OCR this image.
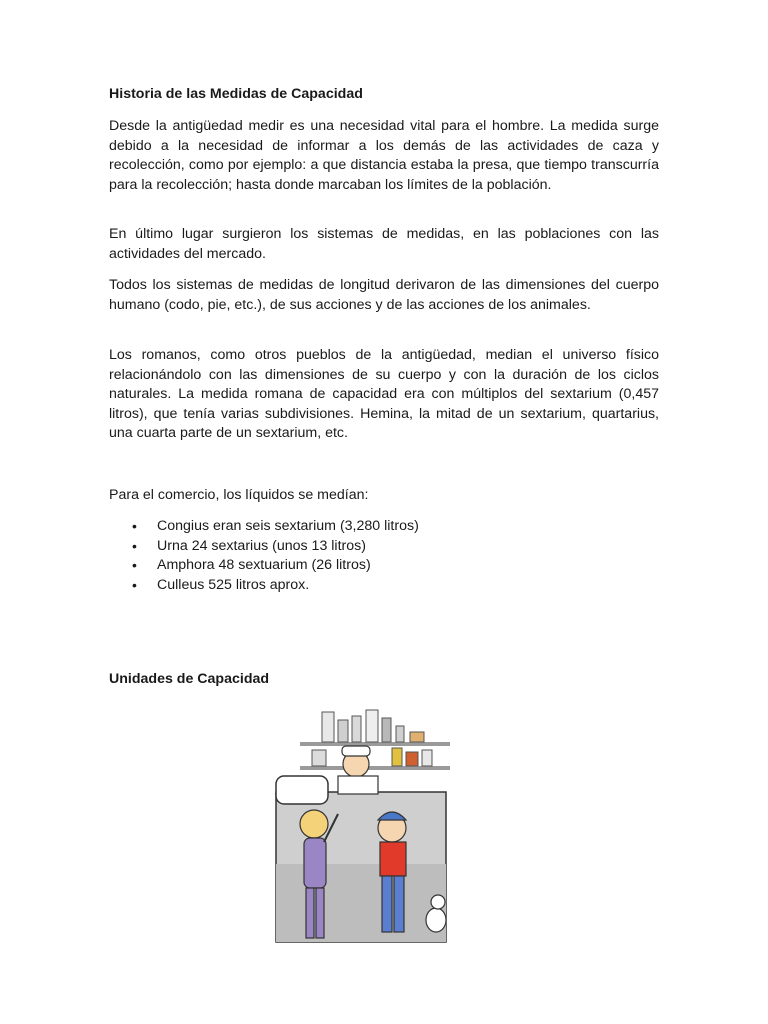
Historia de las Medidas de Capacidad

Desde la antigüedad medir es una necesidad vital para el hombre. La medida surge debido a la necesidad de informar a los demás de las actividades de caza y recolección, como por ejemplo: a que distancia estaba la presa, que tiempo transcurría para la recolección; hasta donde marcaban los límites de la población.

En último lugar surgieron los sistemas de medidas, en las poblaciones con las actividades del mercado.

Todos los sistemas de medidas de longitud derivaron de las dimensiones del cuerpo humano (codo, pie, etc.), de sus acciones y de las acciones de los animales.

Los romanos, como otros pueblos de la antigüedad, median el universo físico relacionándolo con las dimensiones de su cuerpo y con la duración de los ciclos naturales. La medida romana de capacidad era con múltiplos del sextarium (0,457 litros), que tenía varias subdivisiones. Hemina, la mitad de un sextarium, quartarius, una cuarta parte de un sextarium, etc.

Para el comercio, los líquidos se medían:

• Congius eran seis sextarium (3,280 litros)
• Urna 24 sextarius (unos 13 litros)
• Amphora 48 sextuarium (26 litros)
• Culleus 525 litros aprox.
Unidades de Capacidad
